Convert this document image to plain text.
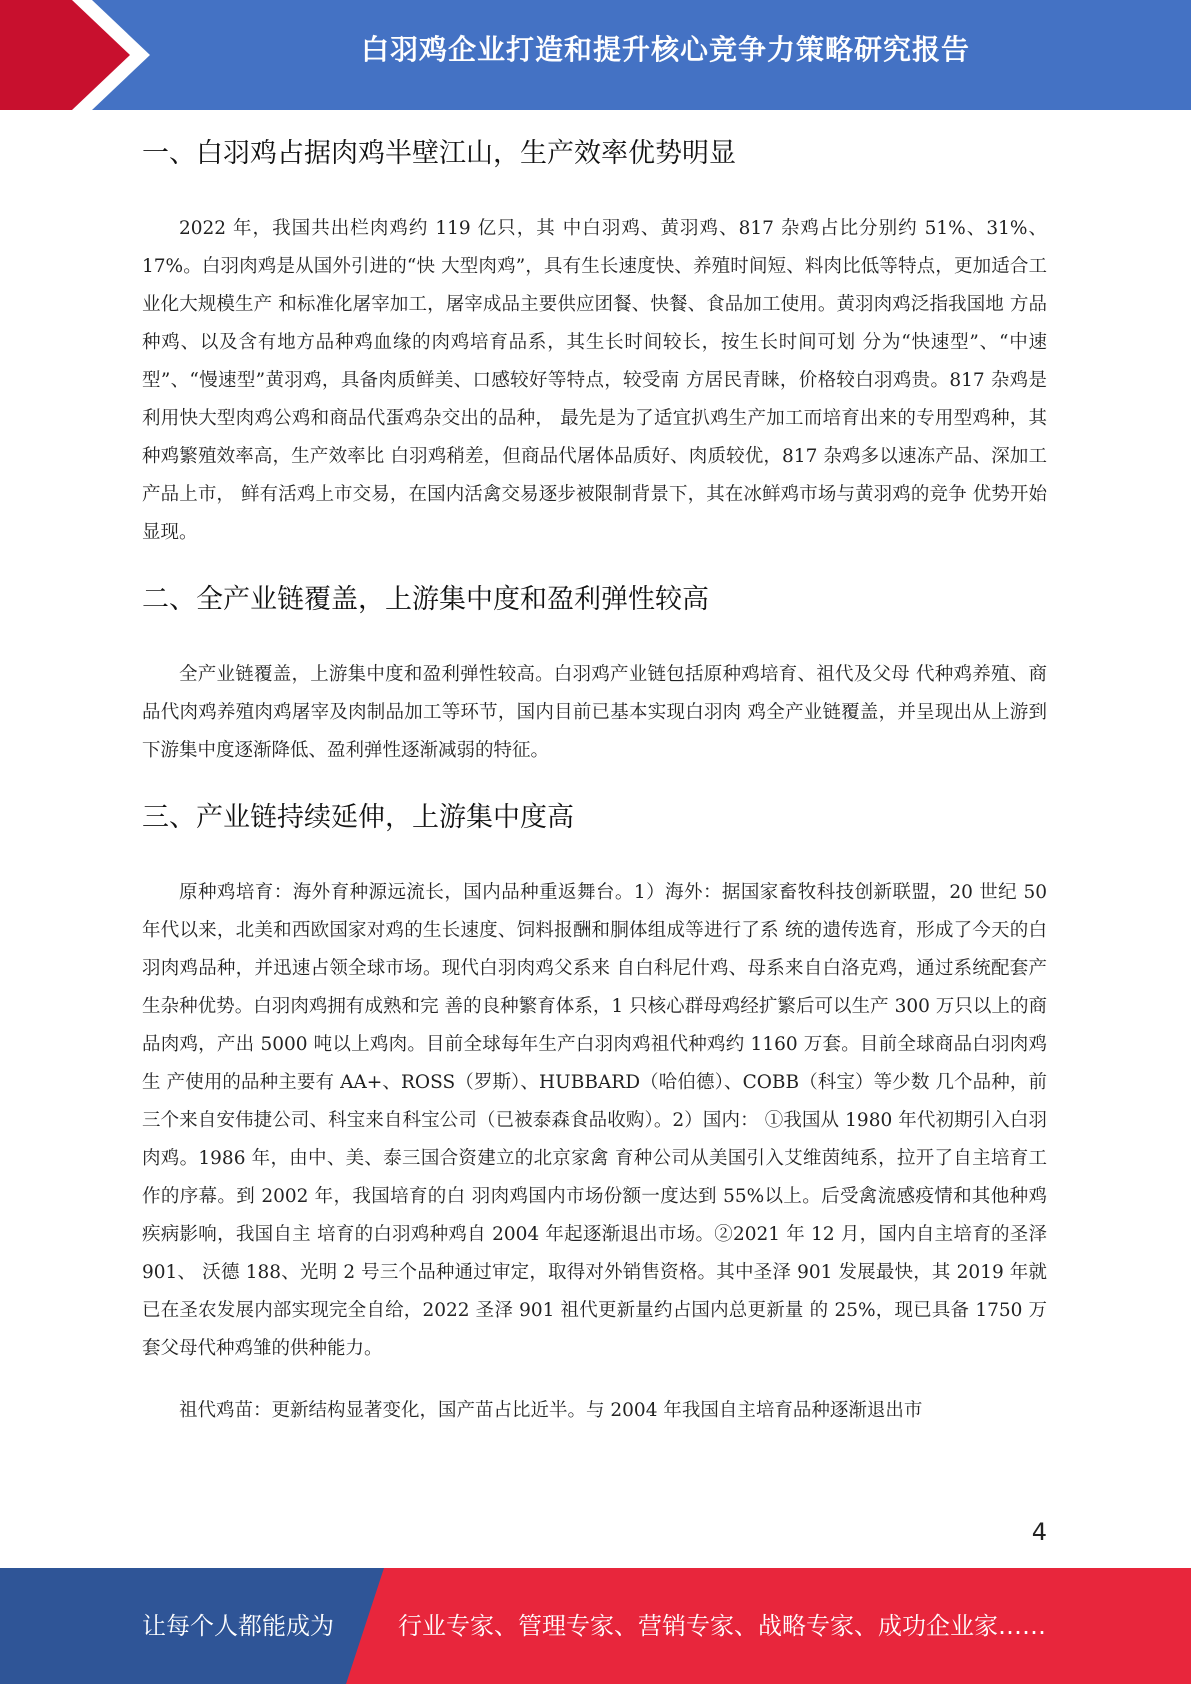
白羽鸡企业打造和提升核心竞争力策略研究报告
一、白羽鸡占据肉鸡半壁江山，生产效率优势明显

2022 年，我国共出栏肉鸡约 119 亿只，其 中白羽鸡、黄羽鸡、817 杂鸡占比分别约 51%、31%、17%。白羽肉鸡是从国外引进的“快 大型肉鸡”，具有生长速度快、养殖时间短、料肉比低等特点，更加适合工业化大规模生产 和标准化屠宰加工，屠宰成品主要供应团餐、快餐、食品加工使用。黄羽肉鸡泛指我国地 方品种鸡、以及含有地方品种鸡血缘的肉鸡培育品系，其生长时间较长，按生长时间可划 分为“快速型”、“中速型”、“慢速型”黄羽鸡，具备肉质鲜美、口感较好等特点，较受南 方居民青睐，价格较白羽鸡贵。817 杂鸡是利用快大型肉鸡公鸡和商品代蛋鸡杂交出的品种， 最先是为了适宜扒鸡生产加工而培育出来的专用型鸡种，其种鸡繁殖效率高，生产效率比 白羽鸡稍差，但商品代屠体品质好、肉质较优，817 杂鸡多以速冻产品、深加工产品上市， 鲜有活鸡上市交易，在国内活禽交易逐步被限制背景下，其在冰鲜鸡市场与黄羽鸡的竞争 优势开始显现。

二、全产业链覆盖，上游集中度和盈利弹性较高

全产业链覆盖，上游集中度和盈利弹性较高。白羽鸡产业链包括原种鸡培育、祖代及父母 代种鸡养殖、商品代肉鸡养殖肉鸡屠宰及肉制品加工等环节，国内目前已基本实现白羽肉 鸡全产业链覆盖，并呈现出从上游到下游集中度逐渐降低、盈利弹性逐渐减弱的特征。

三、产业链持续延伸，上游集中度高

原种鸡培育：海外育种源远流长，国内品种重返舞台。1）海外：据国家畜牧科技创新联盟，20 世纪 50 年代以来，北美和西欧国家对鸡的生长速度、饲料报酬和胴体组成等进行了系 统的遗传选育，形成了今天的白羽肉鸡品种，并迅速占领全球市场。现代白羽肉鸡父系来 自白科尼什鸡、母系来自白洛克鸡，通过系统配套产生杂种优势。白羽肉鸡拥有成熟和完 善的良种繁育体系，1 只核心群母鸡经扩繁后可以生产 300 万只以上的商品肉鸡，产出 5000 吨以上鸡肉。目前全球每年生产白羽肉鸡祖代种鸡约 1160 万套。目前全球商品白羽肉鸡生 产使用的品种主要有 AA+、ROSS（罗斯）、HUBBARD（哈伯德）、COBB（科宝）等少数 几个品种，前三个来自安伟捷公司、科宝来自科宝公司（已被泰森食品收购）。2）国内： ①我国从 1980 年代初期引入白羽肉鸡。1986 年，由中、美、泰三国合资建立的北京家禽 育种公司从美国引入艾维茵纯系，拉开了自主培育工作的序幕。到 2002 年，我国培育的白 羽肉鸡国内市场份额一度达到 55%以上。后受禽流感疫情和其他种鸡疾病影响，我国自主 培育的白羽鸡种鸡自 2004 年起逐渐退出市场。②2021 年 12 月，国内自主培育的圣泽 901、 沃德 188、光明 2 号三个品种通过审定，取得对外销售资格。其中圣泽 901 发展最快，其 2019 年就已在圣农发展内部实现完全自给，2022 圣泽 901 祖代更新量约占国内总更新量 的 25%，现已具备 1750 万套父母代种鸡雏的供种能力。

祖代鸡苗：更新结构显著变化，国产苗占比近半。与 2004 年我国自主培育品种逐渐退出市

4
让每个人都能成为	行业专家、管理专家、营销专家、战略专家、成功企业家……
